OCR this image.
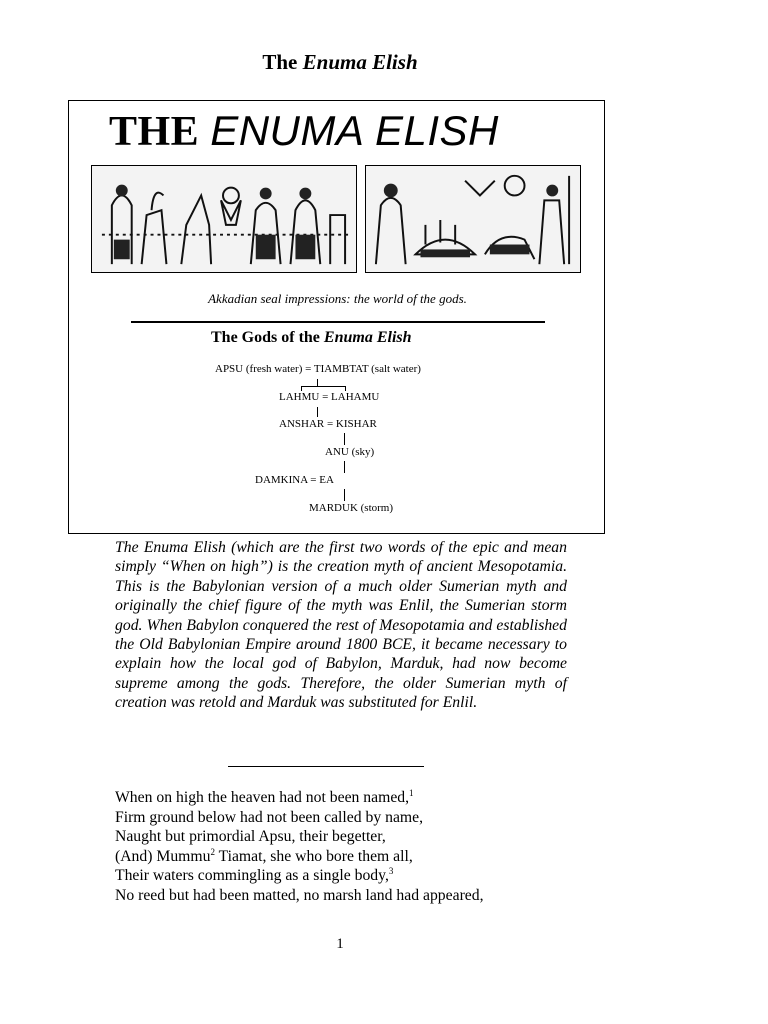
The Enuma Elish
THE ENUMA ELISH
Akkadian seal impressions: the world of the gods.
The Gods of the Enuma Elish
APSU (fresh water) = TIAMBTAT (salt water)
LAHMU = LAHAMU
ANSHAR = KISHAR
ANU (sky)
DAMKINA = EA
MARDUK (storm)
The Enuma Elish (which are the first two words of the epic and mean simply “When on high”) is the creation myth of ancient Mesopotamia. This is the Babylonian version of a much older Sumerian myth and originally the chief figure of the myth was Enlil, the Sumerian storm god. When Babylon conquered the rest of Mesopotamia and established the Old Babylonian Empire around 1800 BCE, it became necessary to explain how the local god of Babylon, Marduk, had now become supreme among the gods. Therefore, the older Sumerian myth of creation was retold and Marduk was substituted for Enlil.
When on high the heaven had not been named,$^1$
Firm ground below had not been called by name,
Naught but primordial Apsu, their begetter,
(And) Mummu$^2$ Tiamat, she who bore them all,
Their waters commingling as a single body,$^3$
No reed but had been matted, no marsh land had appeared,
1
